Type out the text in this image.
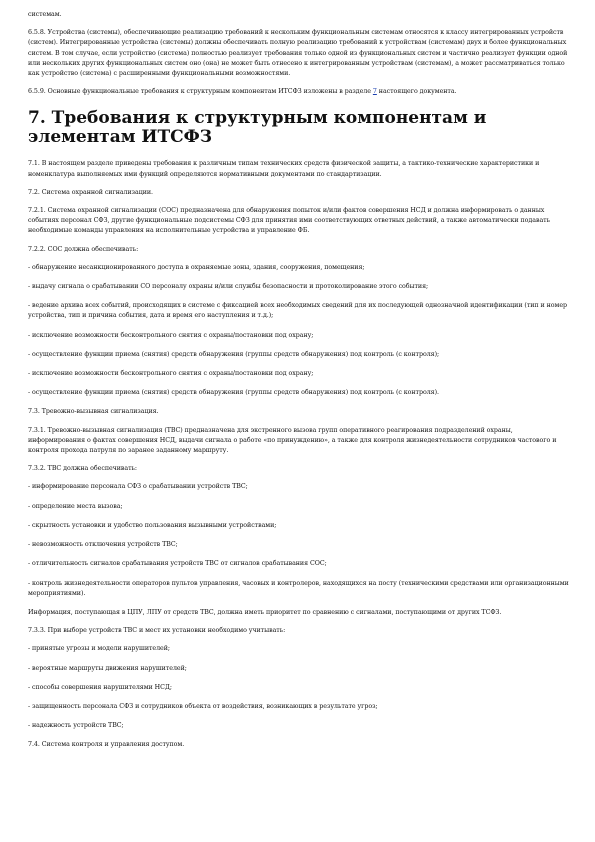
системам.

6.5.8. Устройства (системы), обеспечивающие реализацию требований к нескольким функциональным системам относятся к классу интегрированных устройств (систем). Интегрированные устройства (системы) должны обеспечивать полную реализацию требований к устройствам (системам) двух и более функциональных систем. В том случае, если устройство (система) полностью реализует требования только одной из функциональных систем и частично реализует функции одной или нескольких других функциональных систем оно (она) не может быть отнесено к интегрированным устройствам (системам), а может рассматриваться только как устройство (система) с расширенными функциональными возможностями.

6.5.9. Основные функциональные требования к структурным компонентам ИТСФЗ изложены в разделе 7 настоящего документа.

7. Требования к структурным компонентам и элементам ИТСФЗ

7.1. В настоящем разделе приведены требования к различным типам технических средств физической защиты, а тактико-технические характеристики и номенклатура выполняемых ими функций определяются нормативными документами по стандартизации.

7.2. Система охранной сигнализации.

7.2.1. Система охранной сигнализации (СОС) предназначена для обнаружения попыток и/или фактов совершения НСД и должна информировать о данных событиях персонал СФЗ, другие функциональные подсистемы СФЗ для принятия ими соответствующих ответных действий, а также автоматически подавать необходимые команды управления на исполнительные устройства и управление ФБ.

7.2.2. СОС должна обеспечивать:

- обнаружение несанкционированного доступа в охраняемые зоны, здания, сооружения, помещения;

- выдачу сигнала о срабатывании СО персоналу охраны и/или службы безопасности и протоколирование этого события;

- ведение архива всех событий, происходящих в системе с фиксацией всех необходимых сведений для их последующей однозначной идентификации (тип и номер устройства, тип и причина события, дата и время его наступления и т.д.);

- исключение возможности бесконтрольного снятия с охраны/постановки под охрану;

- осуществление функции приема (снятия) средств обнаружения (группы средств обнаружения) под контроль (с контроля);

- исключение возможности бесконтрольного снятия с охраны/постановки под охрану;

- осуществление функции приема (снятия) средств обнаружения (группы средств обнаружения) под контроль (с контроля).

7.3. Тревожно-вызывная сигнализация.

7.3.1. Тревожно-вызывная сигнализация (ТВС) предназначена для экстренного вызова групп оперативного реагирования подразделений охраны, информирования о фактах совершения НСД, выдачи сигнала о работе «по принуждению», а также для контроля жизнедеятельности сотрудников частового и контроля прохода патруля по заранее заданному маршруту.

7.3.2. ТВС должна обеспечивать:

- информирование персонала СФЗ о срабатывании устройств ТВС;

- определение места вызова;

- скрытность установки и удобство пользования вызывными устройствами;

- невозможность отключения устройств ТВС;

- отличительность сигналов срабатывания устройств ТВС от сигналов срабатывания СОС;

- контроль жизнедеятельности операторов пультов управления, часовых и контролеров, находящихся на посту (техническими средствами или организационными мероприятиями).

Информация, поступающая в ЦПУ, ЛПУ от средств ТВС, должна иметь приоритет по сравнению с сигналами, поступающими от других ТСФЗ.

7.3.3. При выборе устройств ТВС и мест их установки необходимо учитывать:

- принятые угрозы и модели нарушителей;

- вероятные маршруты движения нарушителей;

- способы совершения нарушителями НСД;

- защищенность персонала СФЗ и сотрудников объекта от воздействия, возникающих в результате угроз;

- надежность устройств ТВС;

7.4. Система контроля и управления доступом.
